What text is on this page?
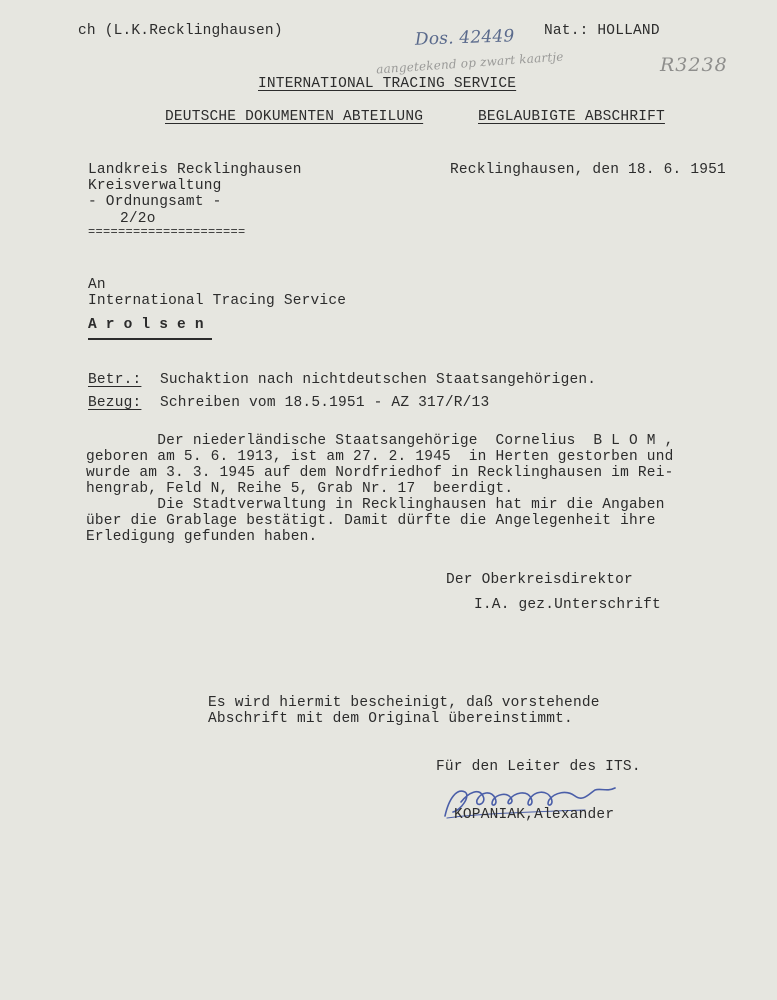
ch (L.K.Recklinghausen)	Dos. 42449 Nat.: HOLLAND
aangetekend op zwart kaartje	R3238
INTERNATIONAL TRACING SERVICE
DEUTSCHE DOKUMENTEN ABTEILUNG	BEGLAUBIGTE ABSCHRIFT
Landkreis Recklinghausen
Kreisverwaltung
- Ordnungsamt -
2/2o
=====================
Recklinghausen, den 18. 6. 1951
An
International Tracing Service
A r o l s e n
Betr.: Suchaktion nach nichtdeutschen Staatsangehörigen.
Bezug: Schreiben vom 18.5.1951 - AZ 317/R/13
Der niederländische Staatsangehörige  Cornelius  B L O M ,
geboren am 5. 6. 1913, ist am 27. 2. 1945  in Herten gestorben und
wurde am 3. 3. 1945 auf dem Nordfriedhof in Recklinghausen im Rei-
hengrab, Feld N, Reihe 5, Grab Nr. 17  beerdigt.
Die Stadtverwaltung in Recklinghausen hat mir die Angaben
über die Grablage bestätigt. Damit dürfte die Angelegenheit ihre
Erledigung gefunden haben.
Der Oberkreisdirektor
I.A. gez.Unterschrift
Es wird hiermit bescheinigt, daß vorstehende
Abschrift mit dem Original übereinstimmt.
Für den Leiter des ITS.
KOPANIAK,Alexander
